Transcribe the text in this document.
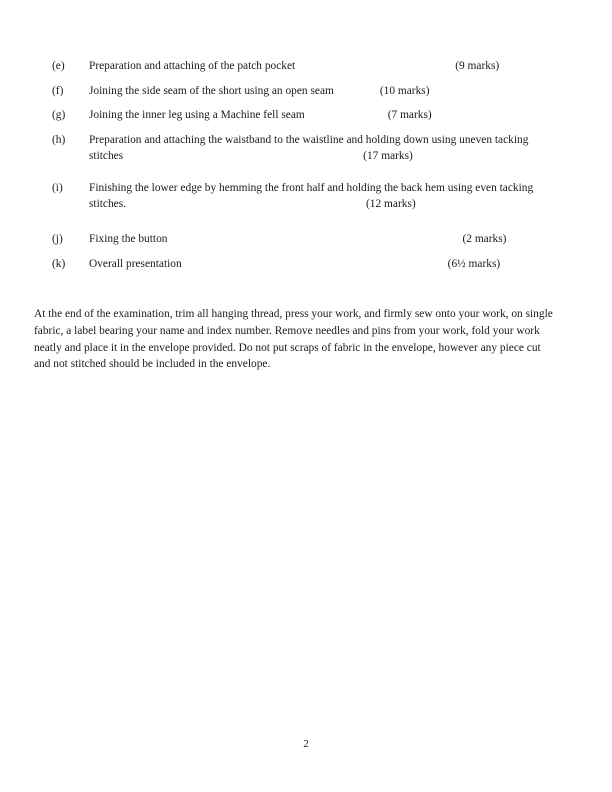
(e)	Preparation and attaching of the patch pocket	(9 marks)
(f)	Joining the side seam of the short using an open seam	(10 marks)
(g)	Joining the inner leg using a Machine fell seam	(7 marks)
(h)	Preparation and attaching the waistband to the waistline and holding down using uneven tacking
stitches	(17 marks)
(i)	Finishing the lower edge by hemming the front half and holding the back hem using even tacking
stitches.	(12 marks)
(j)	Fixing the button	(2 marks)
(k)	Overall presentation	(6½ marks)
At the end of the examination, trim all hanging thread, press your work, and firmly sew onto your work, on single fabric, a label bearing your name and index number. Remove needles and pins from your work, fold your work neatly and place it in the envelope provided. Do not put scraps of fabric in the envelope, however any piece cut and not stitched should be included in the envelope.
2
